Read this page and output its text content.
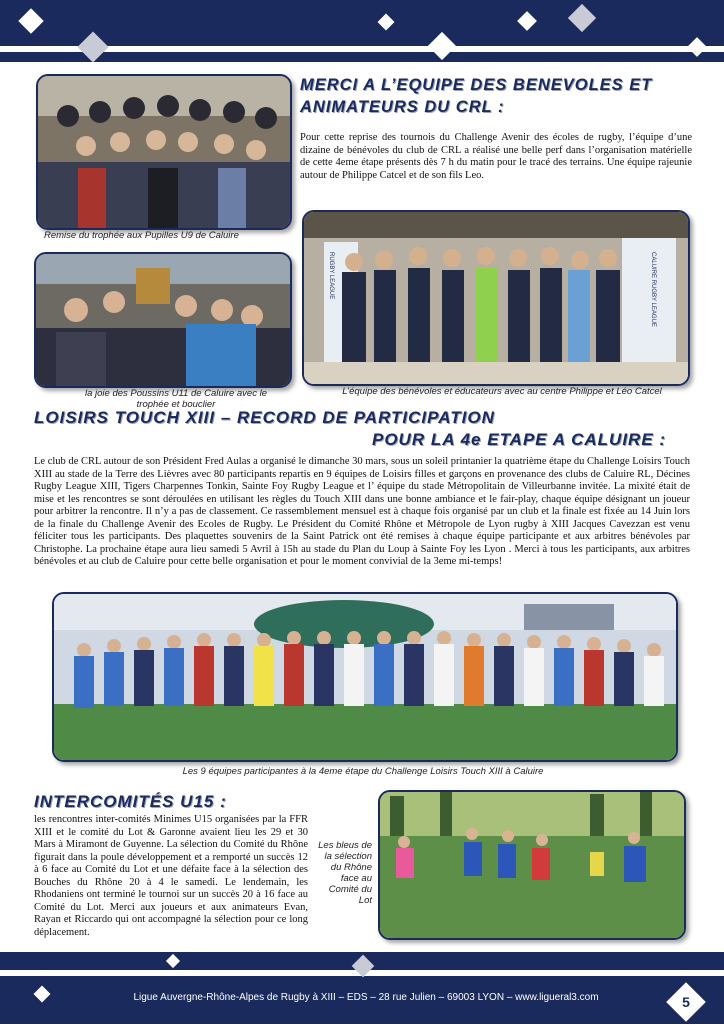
Remise du trophée aux Pupilles U9 de Caluire

la joie des Poussins U11 de Caluire avec le trophée et bouclier

MERCI A L’EQUIPE DES BENEVOLES ET
ANIMATEURS DU CRL :

Pour cette reprise des tournois du Challenge Avenir des écoles de rugby, l’équipe d’une dizaine de bénévoles du club de CRL a réalisé une belle perf dans l’organisation matérielle de cette 4eme étape présents dès 7 h du matin pour le tracé des terrains. Une équipe rajeunie autour de Philippe Catcel et de son fils Leo.

RUGBY LEAGUE	CALUIRE RUGBY LEAGUE

L’équipe des bénévoles et éducateurs avec au centre Philippe et Léo Catcel

LOISIRS TOUCH XIII – RECORD DE PARTICIPATION
POUR LA 4e ETAPE A CALUIRE :

Le club de CRL autour de son Président Fred Aulas a organisé le dimanche 30 mars, sous un soleil printanier la quatrième étape du Challenge Loisirs Touch XIII au stade de la Terre des Lièvres avec 80 participants repartis en 9 équipes de Loisirs filles et garçons en provenance des clubs de Caluire RL, Décines Rugby League XIII, Tigers Charpennes Tonkin, Sainte Foy Rugby League et l’ équipe du stade Métropolitain de Villeurbanne invitée. La mixité était de mise et les rencontres se sont déroulées en utilisant les règles du Touch XIII dans une bonne ambiance et le fair-play, chaque équipe désignant un joueur pour arbitrer la rencontre. Il n’y a pas de classement. Ce rassemblement mensuel est à chaque fois organisé par un club et la finale est fixée au 14 Juin lors de la finale du Challenge Avenir des Ecoles de Rugby. Le Président du Comité Rhône et Métropole de Lyon rugby à XIII Jacques Cavezzan est venu féliciter tous les participants. Des plaquettes souvenirs de la Saint Patrick ont été remises à chaque équipe participante et aux arbitres bénévoles par Christophe. La prochaine étape aura lieu samedi 5 Avril à 15h au stade du Plan du Loup à Sainte Foy les Lyon . Merci à tous les participants, aux arbitres bénévoles et au club de Caluire pour cette belle organisation et pour le moment convivial de la 3eme mi-temps!

Les 9 équipes participantes à la 4eme étape du Challenge Loisirs Touch XIII à Caluire

INTERCOMITÉS U15 :

les rencontres inter-comités Minimes U15 organisées par la FFR XIII et le comité du Lot & Garonne avaient lieu les 29 et 30 Mars à Miramont de Guyenne. La sélection du Comité du Rhône figurait dans la poule développement et a remporté un succès 12 à 6 face au Comité du Lot et une défaite face à la sélection des Bouches du Rhône 20 à 4 le samedi. Le lendemain, les Rhodaniens ont terminé le tournoi sur un succès 20 à 16 face au Comité du Lot. Merci aux joueurs et aux animateurs Evan, Rayan et Riccardo qui ont accompagné la sélection pour ce long déplacement.

Les bleus de la sélection du Rhône face au Comité du Lot

Ligue Auvergne-Rhône-Alpes de Rugby à XIII – EDS – 28 rue Julien – 69003 LYON – www.ligueral3.com	5
